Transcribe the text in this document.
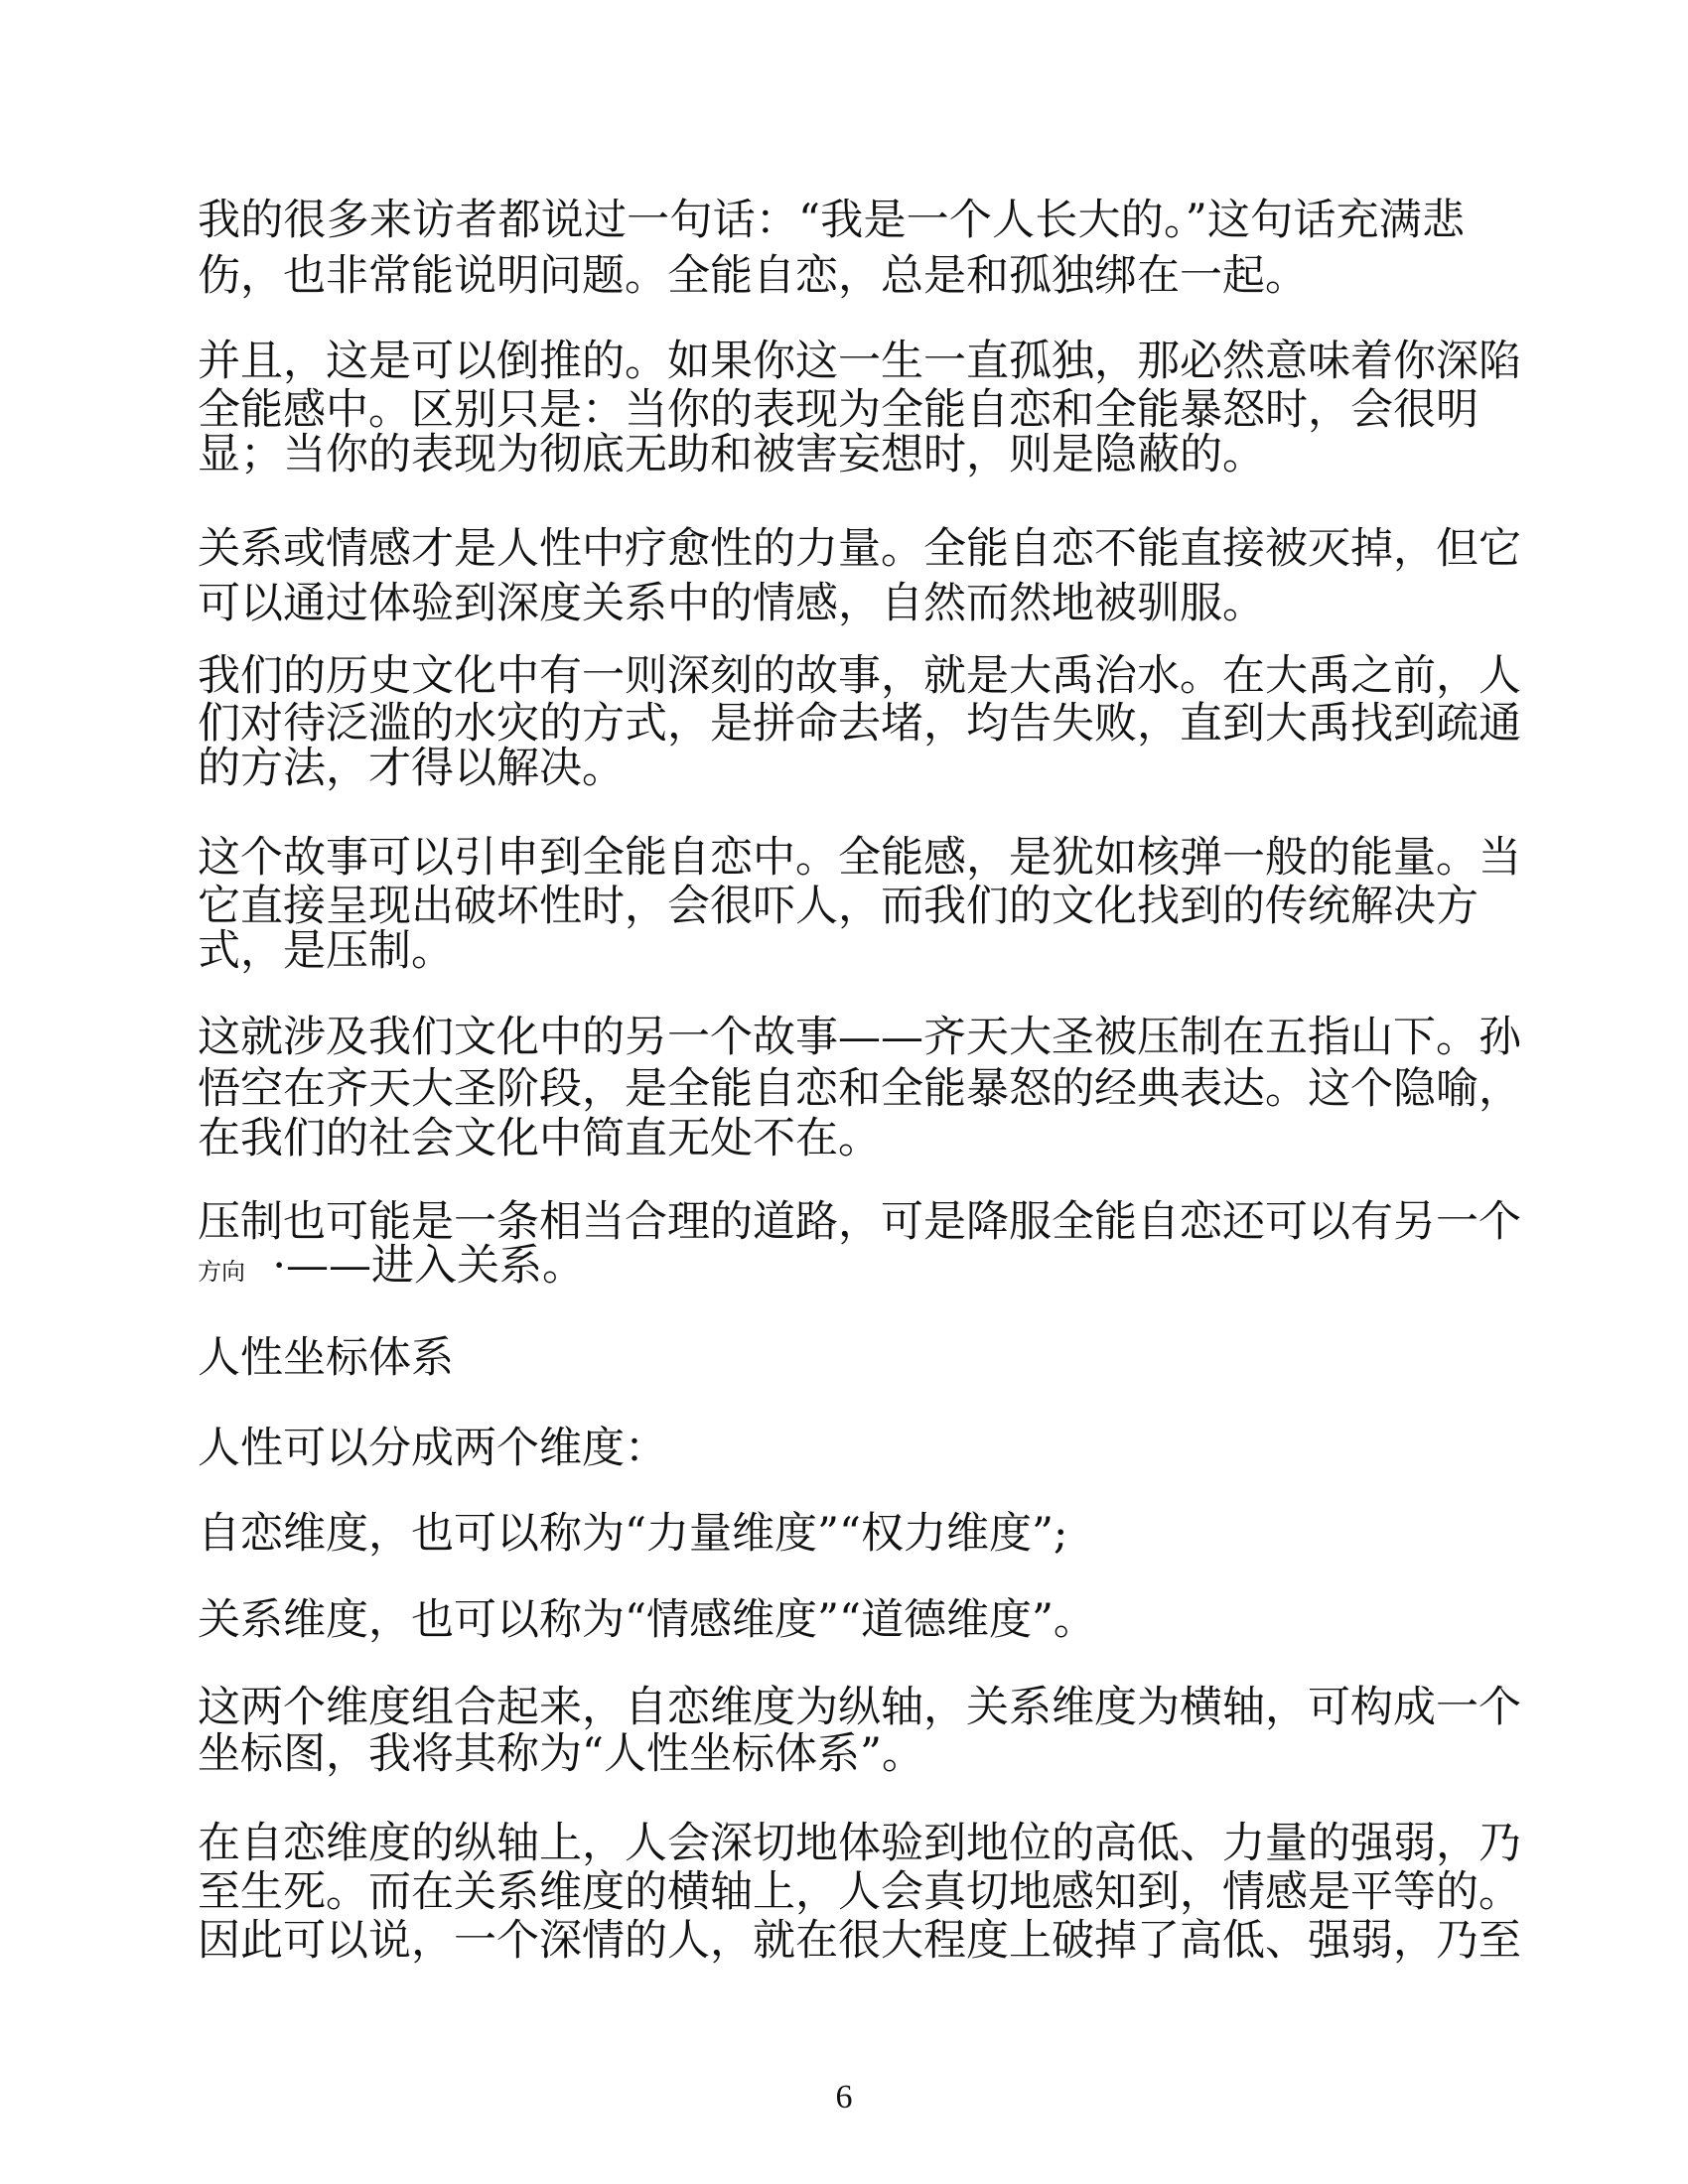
我的很多来访者都说过一句话：“我是一个人长大的。”这句话充满悲
伤，也非常能说明问题。全能自恋，总是和孤独绑在一起。
并且，这是可以倒推的。如果你这一生一直孤独，那必然意味着你深陷
全能感中。区别只是：当你的表现为全能自恋和全能暴怒时，会很明
显；当你的表现为彻底无助和被害妄想时，则是隐蔽的。
关系或情感才是人性中疗愈性的力量。全能自恋不能直接被灭掉，但它
可以通过体验到深度关系中的情感，自然而然地被驯服。
我们的历史文化中有一则深刻的故事，就是大禹治水。在大禹之前，人
们对待泛滥的水灾的方式，是拼命去堵，均告失败，直到大禹找到疏通
的方法，才得以解决。
这个故事可以引申到全能自恋中。全能感，是犹如核弹一般的能量。当
它直接呈现出破坏性时，会很吓人，而我们的文化找到的传统解决方
式，是压制。
这就涉及我们文化中的另一个故事——齐天大圣被压制在五指山下。孙
悟空在齐天大圣阶段，是全能自恋和全能暴怒的经典表达。这个隐喻，
在我们的社会文化中简直无处不在。
压制也可能是一条相当合理的道路，可是降服全能自恋还可以有另一个
方向 ·——进入关系。
人性坐标体系
人性可以分成两个维度：
自恋维度，也可以称为“力量维度”“权力维度”;
关系维度，也可以称为“情感维度”“道德维度”。
这两个维度组合起来，自恋维度为纵轴，关系维度为横轴，可构成一个
坐标图，我将其称为“人性坐标体系”。
在自恋维度的纵轴上，人会深切地体验到地位的高低、力量的强弱，乃
至生死。而在关系维度的横轴上，人会真切地感知到，情感是平等的。
因此可以说，一个深情的人，就在很大程度上破掉了高低、强弱，乃至
6
